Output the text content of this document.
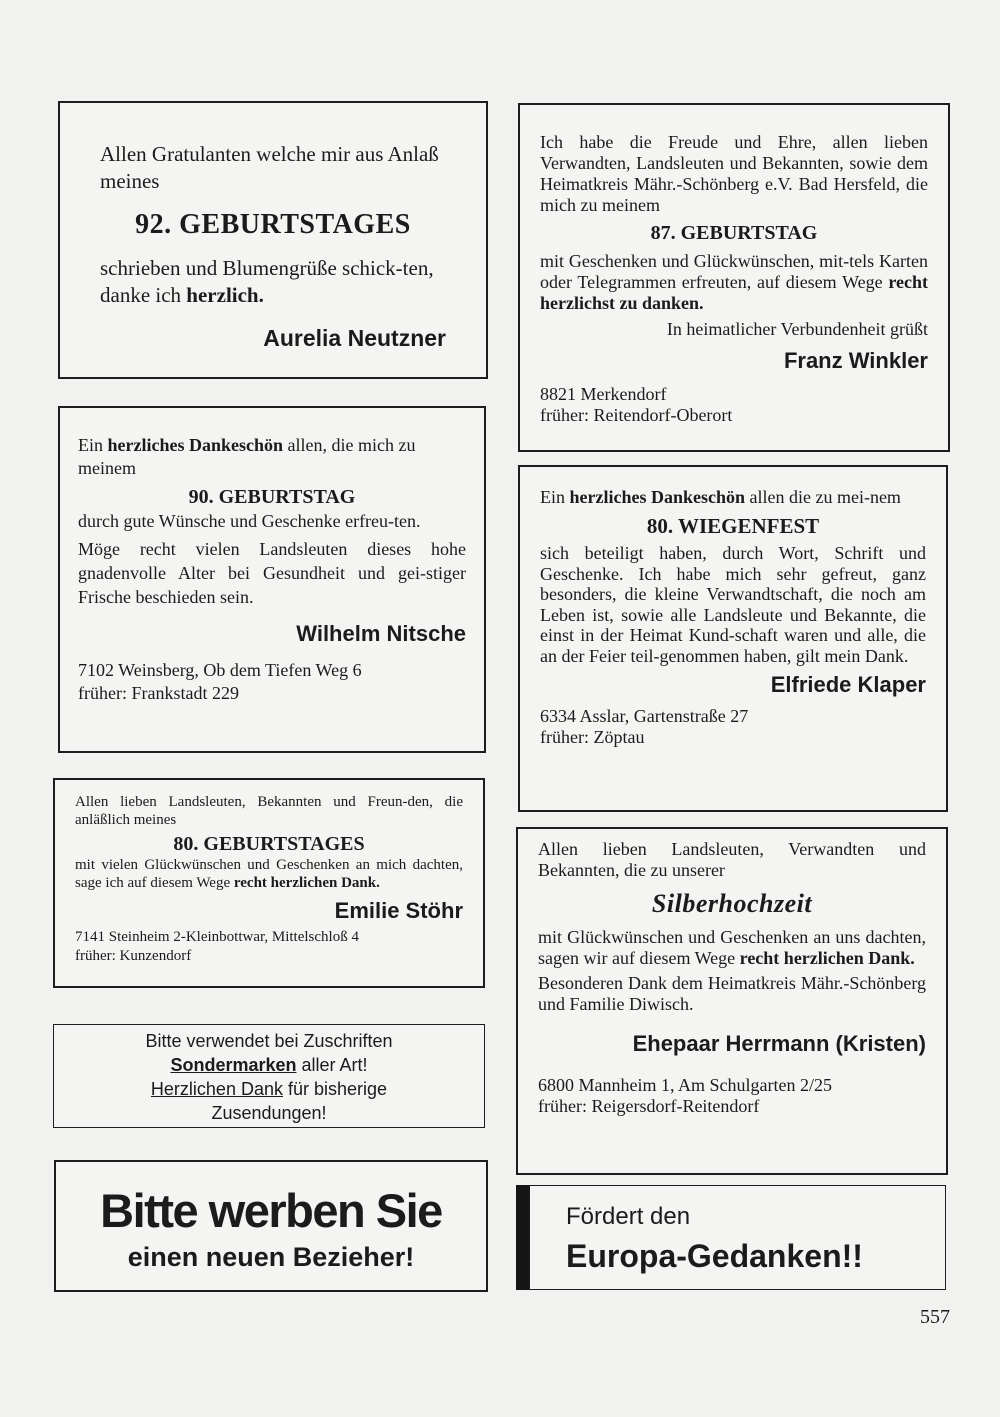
Allen Gratulanten welche mir aus Anlaß meines

92. GEBURTSTAGES

schrieben und Blumengrüße schick-ten, danke ich herzlich.

Aurelia Neutzner

Ein herzliches Dankeschön allen, die mich zu meinem

90. GEBURTSTAG

durch gute Wünsche und Geschenke erfreu-ten.

Möge recht vielen Landsleuten dieses hohe gnadenvolle Alter bei Gesundheit und gei-stiger Frische beschieden sein.

Wilhelm Nitsche

7102 Weinsberg, Ob dem Tiefen Weg 6

früher: Frankstadt 229

Allen lieben Landsleuten, Bekannten und Freun-den, die anläßlich meines

80. GEBURTSTAGES

mit vielen Glückwünschen und Geschenken an mich dachten, sage ich auf diesem Wege recht herzlichen Dank.

Emilie Stöhr

7141 Steinheim 2-Kleinbottwar, Mittelschloß 4

früher: Kunzendorf

Bitte verwendet bei Zuschriften

Sondermarken aller Art!

Herzlichen Dank für bisherige

Zusendungen!

Bitte werben Sie

einen neuen Bezieher!

Ich habe die Freude und Ehre, allen lieben Verwandten, Landsleuten und Bekannten, sowie dem Heimatkreis Mähr.-Schönberg e.V. Bad Hersfeld, die mich zu meinem

87. GEBURTSTAG

mit Geschenken und Glückwünschen, mit-tels Karten oder Telegrammen erfreuten, auf diesem Wege recht herzlichst zu danken.

In heimatlicher Verbundenheit grüßt

Franz Winkler

8821 Merkendorf

früher: Reitendorf-Oberort

Ein herzliches Dankeschön allen die zu mei-nem

80. WIEGENFEST

sich beteiligt haben, durch Wort, Schrift und Geschenke. Ich habe mich sehr gefreut, ganz besonders, die kleine Verwandtschaft, die noch am Leben ist, sowie alle Landsleute und Bekannte, die einst in der Heimat Kund-schaft waren und alle, die an der Feier teil-genommen haben, gilt mein Dank.

Elfriede Klaper

6334 Asslar, Gartenstraße 27

früher: Zöptau

Allen lieben Landsleuten, Verwandten und Bekannten, die zu unserer

Silberhochzeit

mit Glückwünschen und Geschenken an uns dachten, sagen wir auf diesem Wege recht herzlichen Dank.

Besonderen Dank dem Heimatkreis Mähr.-Schönberg und Familie Diwisch.

Ehepaar Herrmann (Kristen)

6800 Mannheim 1, Am Schulgarten 2/25

früher: Reigersdorf-Reitendorf

Fördert den

Europa-Gedanken!!

557
